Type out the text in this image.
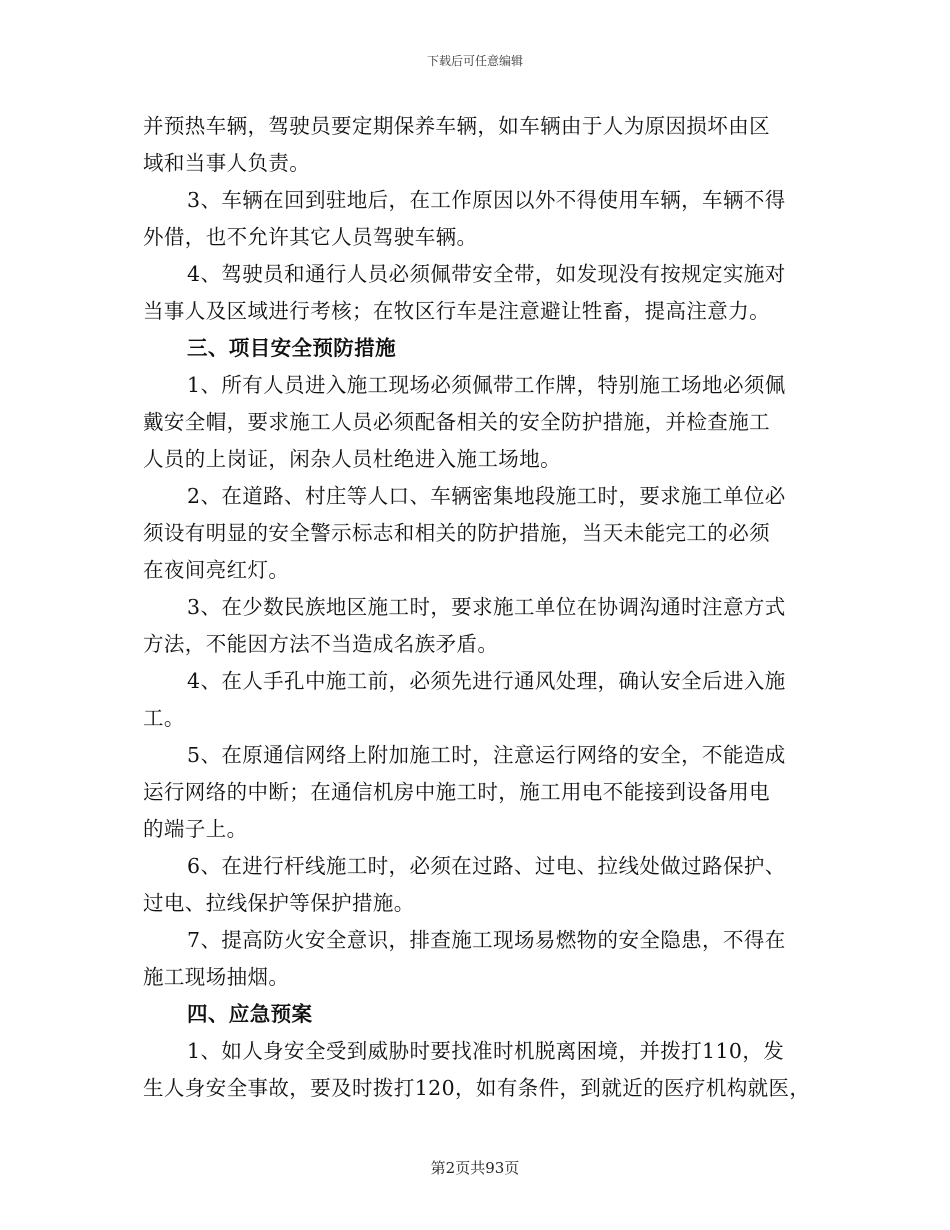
下载后可任意编辑
并预热车辆，驾驶员要定期保养车辆，如车辆由于人为原因损坏由区
域和当事人负责。
3、车辆在回到驻地后，在工作原因以外不得使用车辆，车辆不得
外借，也不允许其它人员驾驶车辆。
4、驾驶员和通行人员必须佩带安全带，如发现没有按规定实施对
当事人及区域进行考核；在牧区行车是注意避让牲畜，提高注意力。
三、项目安全预防措施
1、所有人员进入施工现场必须佩带工作牌，特别施工场地必须佩
戴安全帽，要求施工人员必须配备相关的安全防护措施，并检查施工
人员的上岗证，闲杂人员杜绝进入施工场地。
2、在道路、村庄等人口、车辆密集地段施工时，要求施工单位必
须设有明显的安全警示标志和相关的防护措施，当天未能完工的必须
在夜间亮红灯。
3、在少数民族地区施工时，要求施工单位在协调沟通时注意方式
方法，不能因方法不当造成名族矛盾。
4、在人手孔中施工前，必须先进行通风处理，确认安全后进入施
工。
5、在原通信网络上附加施工时，注意运行网络的安全，不能造成
运行网络的中断；在通信机房中施工时，施工用电不能接到设备用电
的端子上。
6、在进行杆线施工时，必须在过路、过电、拉线处做过路保护、
过电、拉线保护等保护措施。
7、提高防火安全意识，排查施工现场易燃物的安全隐患，不得在
施工现场抽烟。
四、应急预案
1、如人身安全受到威胁时要找准时机脱离困境，并拨打110，发
生人身安全事故，要及时拨打120，如有条件，到就近的医疗机构就医，
第2页共93页
